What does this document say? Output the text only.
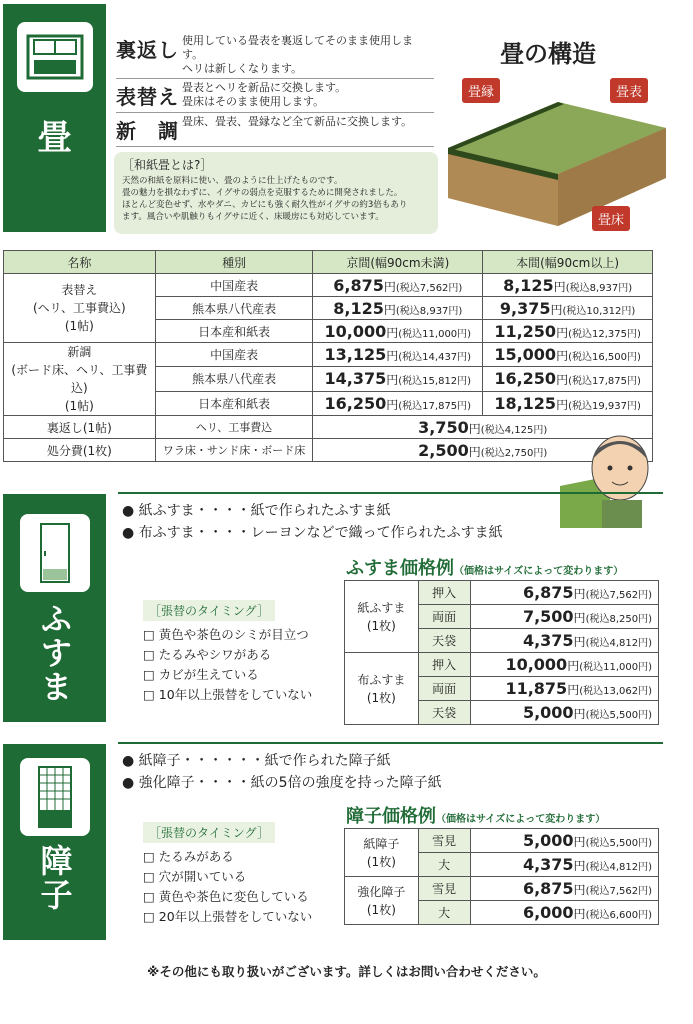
畳
裏返し 使用している畳表を裏返してそのまま使用します。
ヘリは新しくなります。
表替え 畳表とヘリを新品に交換します。
畳床はそのまま使用します。
新　調 畳床、畳表、畳縁など全て新品に交換します。
［和紙畳とは?］
天然の和紙を原料に使い、畳のように仕上げたものです。
畳の魅力を損なわずに、イグサの弱点を克服するために開発されました。
ほとんど変色せず、水やダニ、カビにも強く耐久性がイグサの約3倍もあり
ます。風合いや肌触りもイグサに近く、床暖房にも対応しています。
畳の構造
畳縁	畳表
畳床
名称	種別	京間(幅90cm未満)	本間(幅90cm以上)

表替え
(ヘリ、工事費込)
(1帖)	中国産表	6,875円(税込7,562円)	8,125円(税込8,937円)
	熊本県八代産表	8,125円(税込8,937円)	9,375円(税込10,312円)
	日本産和紙表	10,000円(税込11,000円)	11,250円(税込12,375円)

新調
(ボード床、ヘリ、工事費込)
(1帖)	中国産表	13,125円(税込14,437円)	15,000円(税込16,500円)
	熊本県八代産表	14,375円(税込15,812円)	16,250円(税込17,875円)
	日本産和紙表	16,250円(税込17,875円)	18,125円(税込19,937円)
裏返し(1帖)	ヘリ、工事費込	3,750円(税込4,125円)	
処分費(1枚)	ワラ床・サンド床・ボード床	2,500円(税込2,750円)	
ふすま
● 紙ふすま・・・・紙で作られたふすま紙
● 布ふすま・・・・レーヨンなどで織って作られたふすま紙
［張替のタイミング］
□ 黄色や茶色のシミが目立つ
□ たるみやシワがある
□ カビが生えている
□ 10年以上張替をしていない
ふすま価格例（価格はサイズによって変わります）
紙ふすま
(1枚)	押入	6,875円(税込7,562円)
	両面	7,500円(税込8,250円)
	天袋	4,375円(税込4,812円)

布ふすま
(1枚)	押入	10,000円(税込11,000円)
	両面	11,875円(税込13,062円)
	天袋	5,000円(税込5,500円)
障子
● 紙障子・・・・・・紙で作られた障子紙
● 強化障子・・・・紙の5倍の強度を持った障子紙
［張替のタイミング］
□ たるみがある
□ 穴が開いている
□ 黄色や茶色に変色している
□ 20年以上張替をしていない
障子価格例（価格はサイズによって変わります）
紙障子
(1枚)	雪見	5,000円(税込5,500円)
	大	4,375円(税込4,812円)

強化障子
(1枚)	雪見	6,875円(税込7,562円)
	大	6,000円(税込6,600円)
※その他にも取り扱いがございます。詳しくはお問い合わせください。
